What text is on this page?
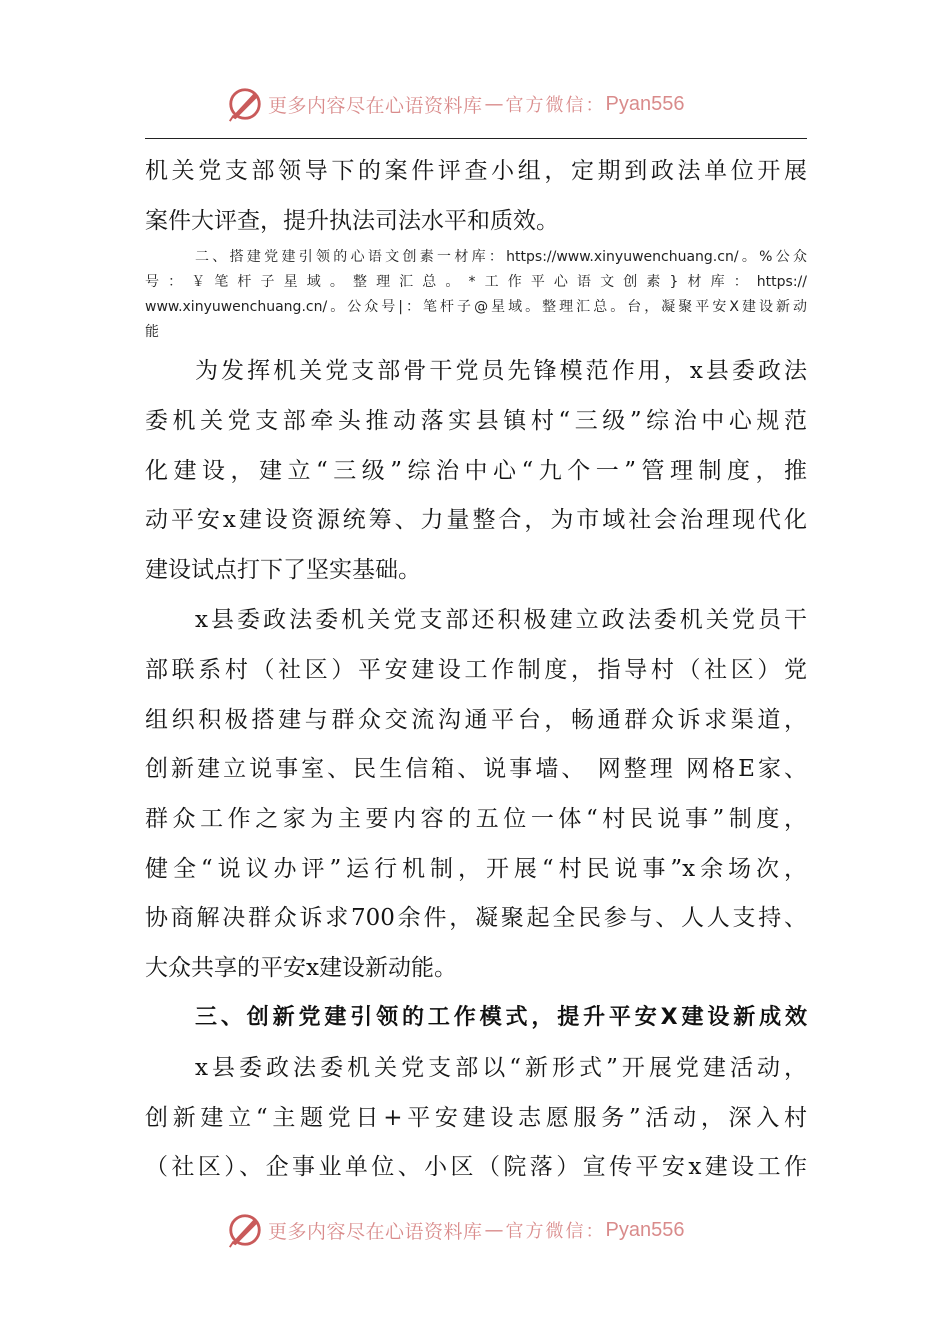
更多内容尽在心语资料库 — 官方微信： Pyan556
机关党支部领导下的案件评查小组，定期到政法单位开展
案件大评查，提升执法司法水平和质效。
二、搭建党建引领的心语文创素一材库：https://www.xinyuwenchuang.cn/。%公众
号：￥笔杆子星域。整理汇总。*工作平心语文创素}材库：https://
www.xinyuwenchuang.cn/。公众号|：笔杆子@星域。整理汇总。台，凝聚平安X建设新动
能
为发挥机关党支部骨干党员先锋模范作用，x县委政法
委机关党支部牵头推动落实县镇村“三级”综治中心规范
化建设，建立“三级”综治中心“九个一”管理制度，推
动平安x建设资源统筹、力量整合，为市域社会治理现代化
建设试点打下了坚实基础。
x县委政法委机关党支部还积极建立政法委机关党员干
部联系村（社区）平安建设工作制度，指导村（社区）党
组织积极搭建与群众交流沟通平台，畅通群众诉求渠道，
创新建立说事室、民生信箱、说事墙、 网整理 网格E家、
群众工作之家为主要内容的五位一体“村民说事”制度，
健全“说议办评”运行机制，开展“村民说事”x余场次，
协商解决群众诉求700余件，凝聚起全民参与、人人支持、
大众共享的平安x建设新动能。
三、创新党建引领的工作模式，提升平安X建设新成效
x县委政法委机关党支部以“新形式”开展党建活动，
创新建立“主题党日+平安建设志愿服务”活动，深入村
（社区）、企事业单位、小区（院落）宣传平安x建设工作
更多内容尽在心语资料库 — 官方微信： Pyan556
